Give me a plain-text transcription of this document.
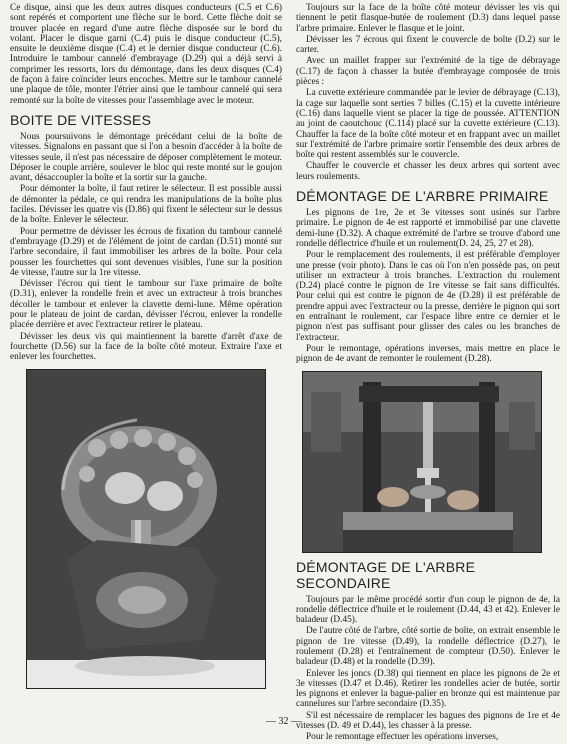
Ce disque, ainsi que les deux autres disques conducteurs (C.5 et C.6) sont repérés et comportent une flèche sur le bord. Cette flèche doit se trouver placée en regard d'une autre flèche disposée sur le bord du volant. Placer le disque garni (C.4) puis le disque conducteur (C.5), ensuite le deuxième disque (C.4) et le dernier disque conducteur (C.6). Introduire le tambour cannelé d'embrayage (D.29) qui a déjà servi à comprimer les ressorts, lors du démontage, dans les deux disques (C.4) de façon à faire coïncider leurs encoches. Mettre sur le tambour cannelé une plaque de tôle, monter l'étrier ainsi que le tambour cannelé qui sera remonté sur la boîte de vitesses pour l'assemblage avec le moteur.

BOITE DE VITESSES

Nous poursuivons le démontage précédant celui de la boîte de vitesses. Signalons en passant que si l'on a besoin d'accéder à la boîte de vitesses seule, il n'est pas nécessaire de déposer complètement le moteur. Déposer le couple arrière, soulever le bloc qui reste monté sur le goujon avant, désaccoupler la boîte et la sortir sur la gauche.

Pour démonter la boîte, il faut retirer le sélecteur. Il est possible aussi de démonter la pédale, ce qui rendra les manipulations de la boîte plus faciles. Dévisser les quatre vis (D.86) qui fixent le sélecteur sur le dessus de la boîte. Enlever le sélecteur.

Pour permettre de dévisser les écrous de fixation du tambour cannelé d'embrayage (D.29) et de l'élément de joint de cardan (D.51) monté sur l'arbre secondaire, il faut immobiliser les arbres de la boîte. Pour cela pousser les fourchettes qui sont devenues visibles, l'une sur la position 4e vitesse, l'autre sur la 1re vitesse.

Dévisser l'écrou qui tient le tambour sur l'axe primaire de boîte (D.31), enlever la rondelle frein et avec un extracteur à trois branches décoller le tambour et enlever la clavette demi-lune. Même opération pour le plateau de joint de cardan, dévisser l'écrou, enlever la rondelle placée derrière et avec l'extracteur retirer le plateau.

Dévisser les deux vis qui maintiennent la barette d'arrêt d'axe de fourchette (D.56) sur la face de la boîte côté moteur. Extraire l'axe et enlever les fourchettes.

Toujours sur la face de la boîte côté moteur dévisser les vis qui tiennent le petit flasque-butée de roulement (D.3) dans lequel passe l'arbre primaire. Enlever le flasque et le joint.

Dévisser les 7 écrous qui fixent le couvercle de boîte (D.2) sur le carter.

Avec un maillet frapper sur l'extrémité de la tige de débrayage (C.17) de façon à chasser la butée d'embrayage composée de trois pièces :

La cuvette extérieure commandée par le levier de débrayage (C.13), la cage sur laquelle sont serties 7 billes (C.15) et la cuvette intérieure (C.16) dans laquelle vient se placer la tige de poussée. ATTENTION au joint de caoutchouc (C.114) placé sur la cuvette extérieure (C.13). Chauffer la face de la boîte côté moteur et en frappant avec un maillet sur l'extrémité de l'arbre primaire sortir l'ensemble des deux arbres de boîte qui restent assemblés sur le couvercle.

Chauffer le couvercle et chasser les deux arbres qui sortent avec leurs roulements.

DÉMONTAGE DE L'ARBRE PRIMAIRE

Les pignons de 1re, 2e et 3e vitesses sont usinés sur l'arbre primaire. Le pignon de 4e est rapporté et immobilisé par une clavette demi-lune (D.32). A chaque extrémité de l'arbre se trouve d'abord une rondelle déflectrice d'huile et un roulement(D. 24, 25, 27 et 28).

Pour le remplacement des roulements, il est préférable d'employer une presse (voir photo). Dans le cas où l'on n'en possède pas, on peut utiliser un extracteur à trois branches. L'extraction du roulement (D.24) placé contre le pignon de 1re vitesse se fait sans difficultés. Pour celui qui est contre le pignon de 4e (D.28) il est préférable de prendre appui avec l'extracteur ou la presse, derrière le pignon qui sort en entraînant le roulement, car l'espace libre entre ce dernier et le pignon n'est pas suffisant pour glisser des cales ou les branches de l'extracteur.

Pour le remontage, opérations inverses, mais mettre en place le pignon de 4e avant de remonter le roulement (D.28).

DÉMONTAGE DE L'ARBRE SECONDAIRE

Toujours par le même procédé sortir d'un coup le pignon de 4e, la rondelle déflectrice d'huile et le roulement (D.44, 43 et 42). Enlever le baladeur (D.45).

De l'autre côté de l'arbre, côté sortie de boîte, on extrait ensemble le pignon de 1re vitesse (D.49), la rondelle déflectrice (D.27), le roulement (D.28) et l'entraînement de compteur (D.50). Enlever le baladeur (D.48) et la rondelle (D.39).

Enlever les joncs (D.38) qui tiennent en place les pignons de 2e et 3e vitesses (D.47 et D.46). Retirer les rondelles acier de butée, sortir les pignons et enlever la bague-palier en bronze qui est maintenue par cannelures sur l'arbre secondaire (D.35).

S'il est nécessaire de remplacer les bagues des pignons de 1re et 4e vitesses (D. 49 et D.44), les chasser à la presse.

Pour le remontage effectuer les opérations inverses,

— 32 —
